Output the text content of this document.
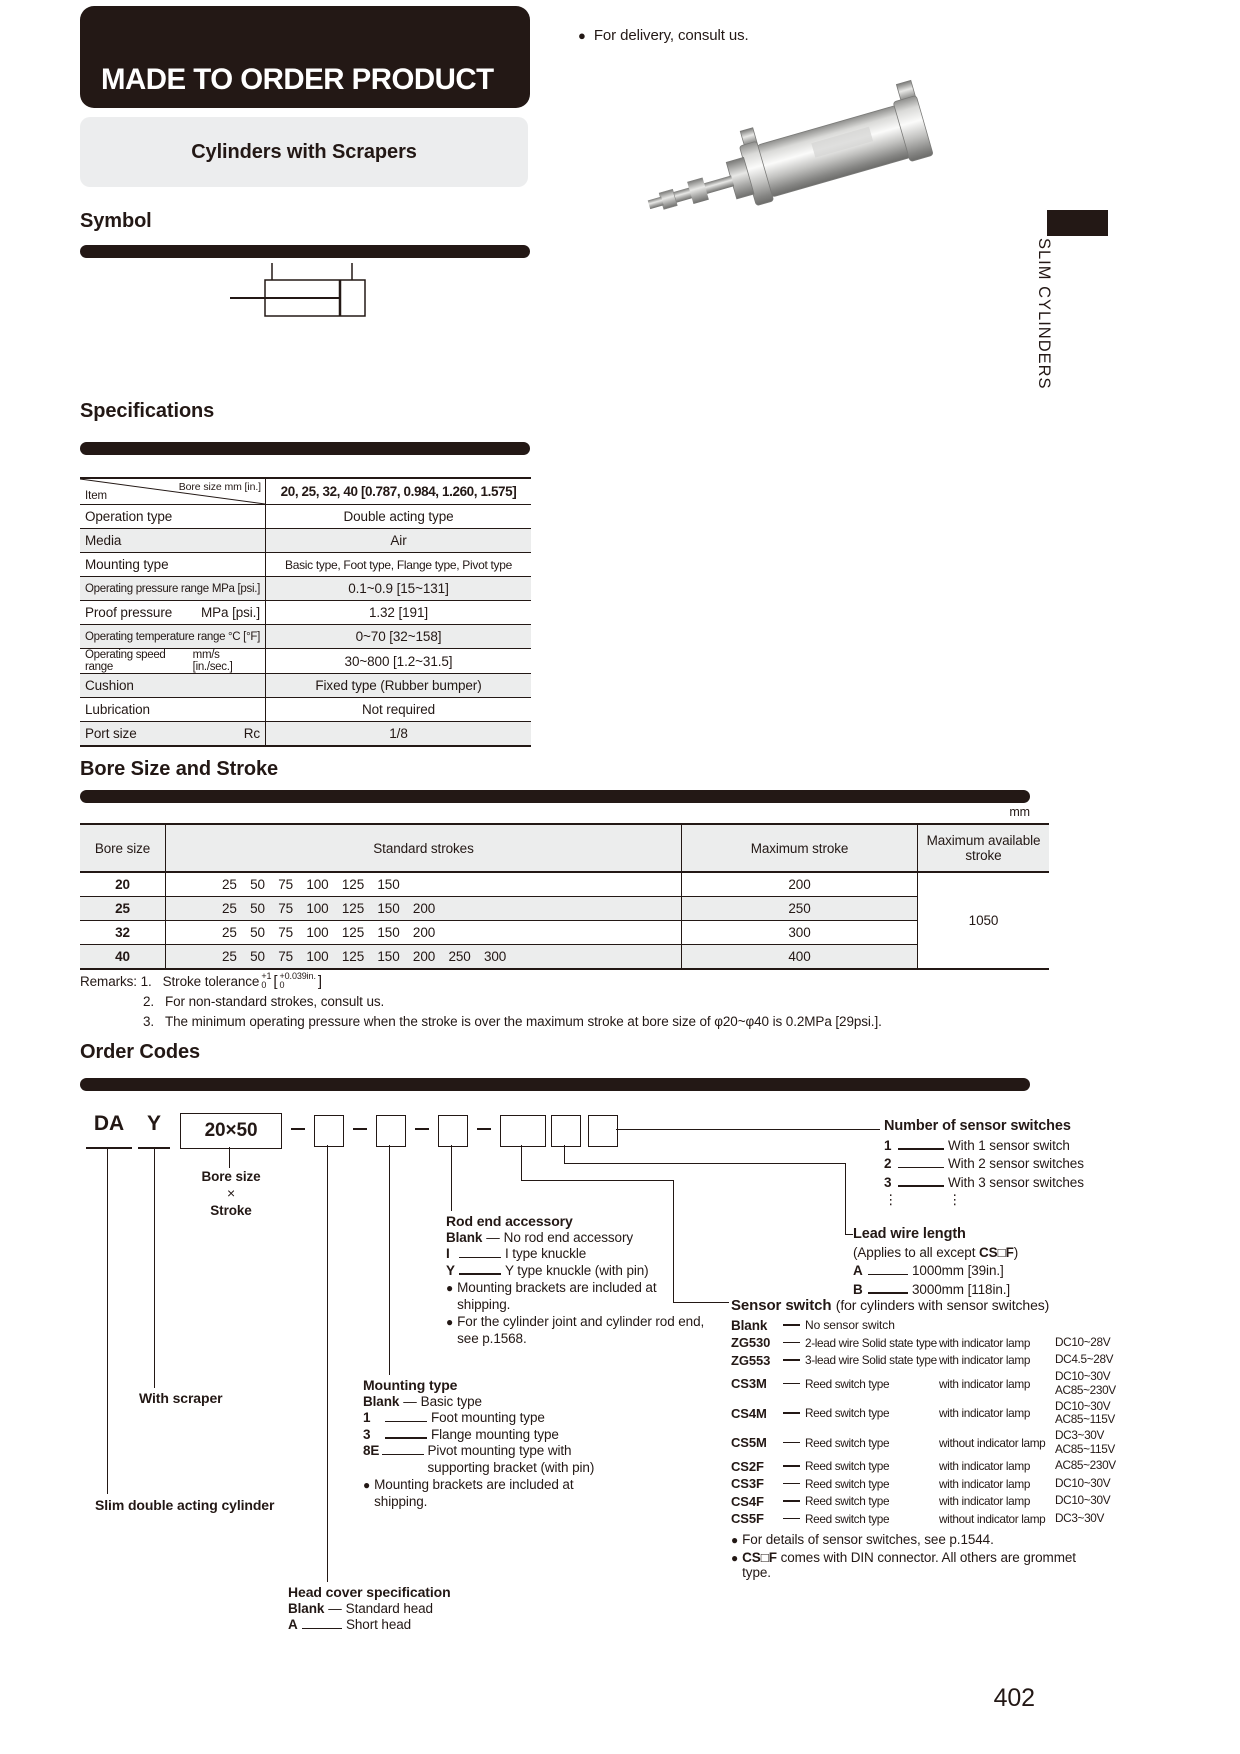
MADE TO ORDER PRODUCT
Cylinders with Scrapers
● For delivery, consult us.
SLIM CYLINDERS
Symbol
Specifications
Bore size mm [in.]
Item	20, 25, 32, 40 [0.787, 0.984, 1.260, 1.575]

Operation type	Double acting type

Media	Air

Mounting type	Basic type, Foot type, Flange type, Pivot type

Operating pressure range MPa [psi.]	0.1~0.9 [15~131]

Proof pressure MPa [psi.]	1.32 [191]

Operating temperature range °C [°F]	0~70 [32~158]

Operating speed range
mm/s [in./sec.]	30~800 [1.2~31.5]

Cushion	Fixed type (Rubber bumper)

Lubrication	Not required

Port size Rc	1/8
Bore Size and Stroke
mm
Bore size	Standard strokes	Maximum stroke	Maximum available stroke
20	25  50  75  100  125  150	200	1050
25	25  50  75  100  125  150  200	250	
32	25  50  75  100  125  150  200	300	
40	25  50  75  100  125  150  200  250  300	400	
Remarks:
1. Stroke tolerance +1
0 [ +0.039in.
0 ]
2. For non-standard strokes, consult us.
3. The minimum operating pressure when the stroke is over the maximum stroke at bore size of φ20~φ40 is 0.2MPa [29psi.].
Order Codes
DA	Y	20×50
Bore size
×
Stroke
With scraper
Slim double acting cylinder
Number of sensor switches
1	With 1 sensor switch
2	With 2 sensor switches
3	With 3 sensor switches
⋮	⋮
Lead wire length
(Applies to all except CS□F)
A	1000mm [39in.]
B	3000mm [118in.]
Rod end accessory
Blank — No rod end accessory
I	I type knuckle
Y	Y type knuckle (with pin)
● Mounting brackets are included at shipping.
● For the cylinder joint and cylinder rod end, see p.1568.
Mounting type
Blank — Basic type
1	Foot mounting type
3	Flange mounting type
8E	Pivot mounting type with supporting bracket (with pin)
● Mounting brackets are included at shipping.
Head cover specification
Blank — Standard head
A	Short head
Sensor switch (for cylinders with sensor switches)
Blank	No sensor switch
ZG530	2-lead wire Solid state type with indicator lamp	DC10~28V
ZG553	3-lead wire Solid state type with indicator lamp	DC4.5~28V
CS3M	Reed switch type	with indicator lamp
DC10~30V
AC85~230V
CS4M	Reed switch type	with indicator lamp
DC10~30V
AC85~115V
CS5M	Reed switch type	without indicator lamp
DC3~30V
AC85~115V
CS2F	Reed switch type	with indicator lamp	AC85~230V
CS3F	Reed switch type	with indicator lamp	DC10~30V
CS4F	Reed switch type	with indicator lamp	DC10~30V
CS5F	Reed switch type	without indicator lamp DC3~30V
● For details of sensor switches, see p.1544.
● CS□F comes with DIN connector. All others are grommet type.
402
